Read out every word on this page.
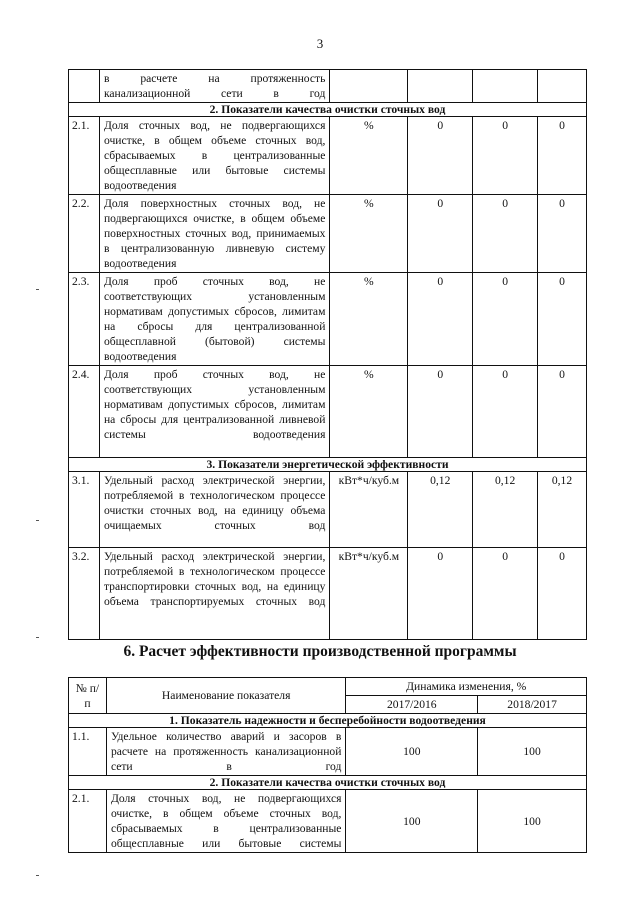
3
	в расчете на протяженность канализационной сети в год				
2. Показатели качества очистки сточных вод					
2.1.	Доля сточных вод, не подвергающихся очистке, в общем объеме сточных вод, сбрасываемых в централизованные общесплавные или бытовые системы водоотведения	%	0	0	0
2.2.	Доля поверхностных сточных вод, не подвергающихся очистке, в общем объеме поверхностных сточных вод, принимаемых в централизованную ливневую систему водоотведения	%	0	0	0
2.3.	Доля проб сточных вод, не соответствующих установленным нормативам допустимых сбросов, лимитам на сбросы для централизованной общесплавной (бытовой) системы водоотведения	%	0	0	0
2.4.	Доля проб сточных вод, не соответствующих установленным нормативам допустимых сбросов, лимитам на сбросы для централизованной ливневой системы водоотведения	%	0	0	0
3. Показатели энергетической эффективности					
3.1.	Удельный расход электрической энергии, потребляемой в технологическом процессе очистки сточных вод, на единицу объема очищаемых сточных вод	кВт*ч/куб.м	0,12	0,12	0,12
3.2.	Удельный расход электрической энергии, потребляемой в технологическом процессе транспортировки сточных вод, на единицу объема транспортируемых сточных вод	кВт*ч/куб.м	0	0	0
6. Расчет эффективности производственной программы
№ п/п	Наименование показателя	Динамика изменения, %	
		2017/2016	2018/2017
1. Показатель надежности и бесперебойности водоотведения			
1.1.	Удельное количество аварий и засоров в расчете на протяженность канализационной сети в год	100	100
2. Показатели качества очистки сточных вод			
2.1.	Доля сточных вод, не подвергающихся очистке, в общем объеме сточных вод, сбрасываемых в централизованные общесплавные или бытовые системы	100	100
